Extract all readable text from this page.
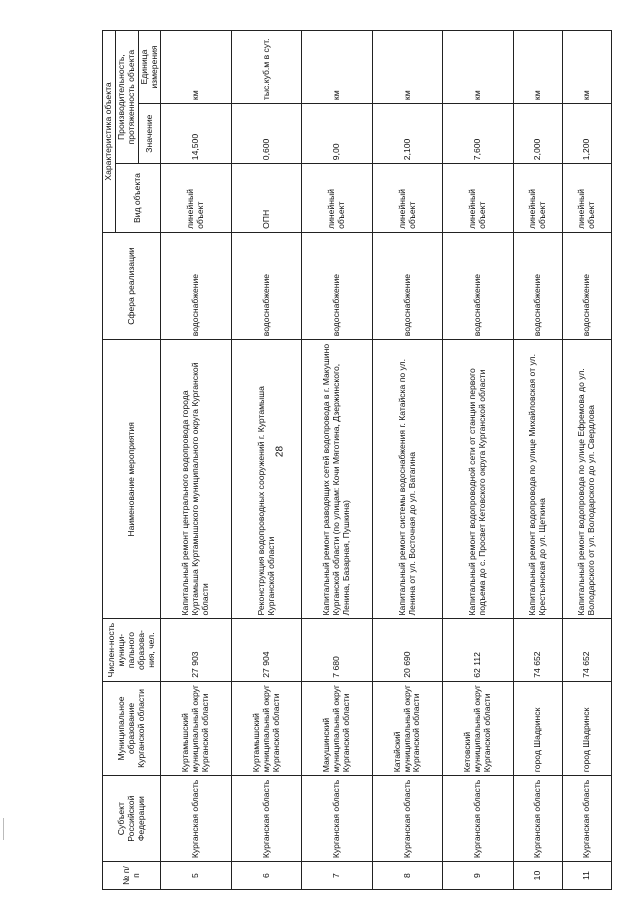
28
№ п/п	Субъект Российской Федерации	Муниципальное образование Курганской области	Числен-ность муници-пального образова-ния, чел.	Наименование мероприятия	Сфера реализации	Характеристика объекта		
						Вид объекта	Производительность, протяженность объекта	
							Значение	Единица измерения
5	Курганская область	Куртамышский муниципальный округ Курганской области	27 903	Капитальный ремонт центрального водопровода города Куртамыша Куртамышского муниципального округа Курганской области	водоснабжение	линейный объект	14,500	км
6	Курганская область	Куртамышский муниципальный округ Курганской области	27 904	Реконструкция водопроводных сооружений г. Куртамыша Курганской области	водоснабжение	ОПН	0,600	тыс.куб.м в сут.
7	Курганская область	Макушинский муниципальный округ Курганской области	7 680	Капитальный ремонт разводящих сетей водопровода в г. Макушино Курганской области (по улицам: Кочи Мяготина, Дзержинского, Ленина, Базарная, Пушкина)	водоснабжение	линейный объект	9,00	км
8	Курганская область	Катайский муниципальный округ Курганской области	20 690	Капитальный ремонт системы водоснабжения г. Катайска по ул. Ленина от ул. Восточная до ул. Ватагина	водоснабжение	линейный объект	2,100	км
9	Курганская область	Кетовский муниципальный округ Курганской области	62 112	Капитальный ремонт водопроводной сети от станции первого подъема до с. Просвет Кетовского округа Курганской области	водоснабжение	линейный объект	7,600	км
10	Курганская область	город Шадринск	74 652	Капитальный ремонт водопровода по улице Михайловская от ул. Крестьянская до ул. Щеткина	водоснабжение	линейный объект	2,000	км
11	Курганская область	город Шадринск	74 652	Капитальный ремонт водопровода по улице Ефремова до ул. Володарского от ул. Володарского до ул. Свердлова	водоснабжение	линейный объект	1,200	км
